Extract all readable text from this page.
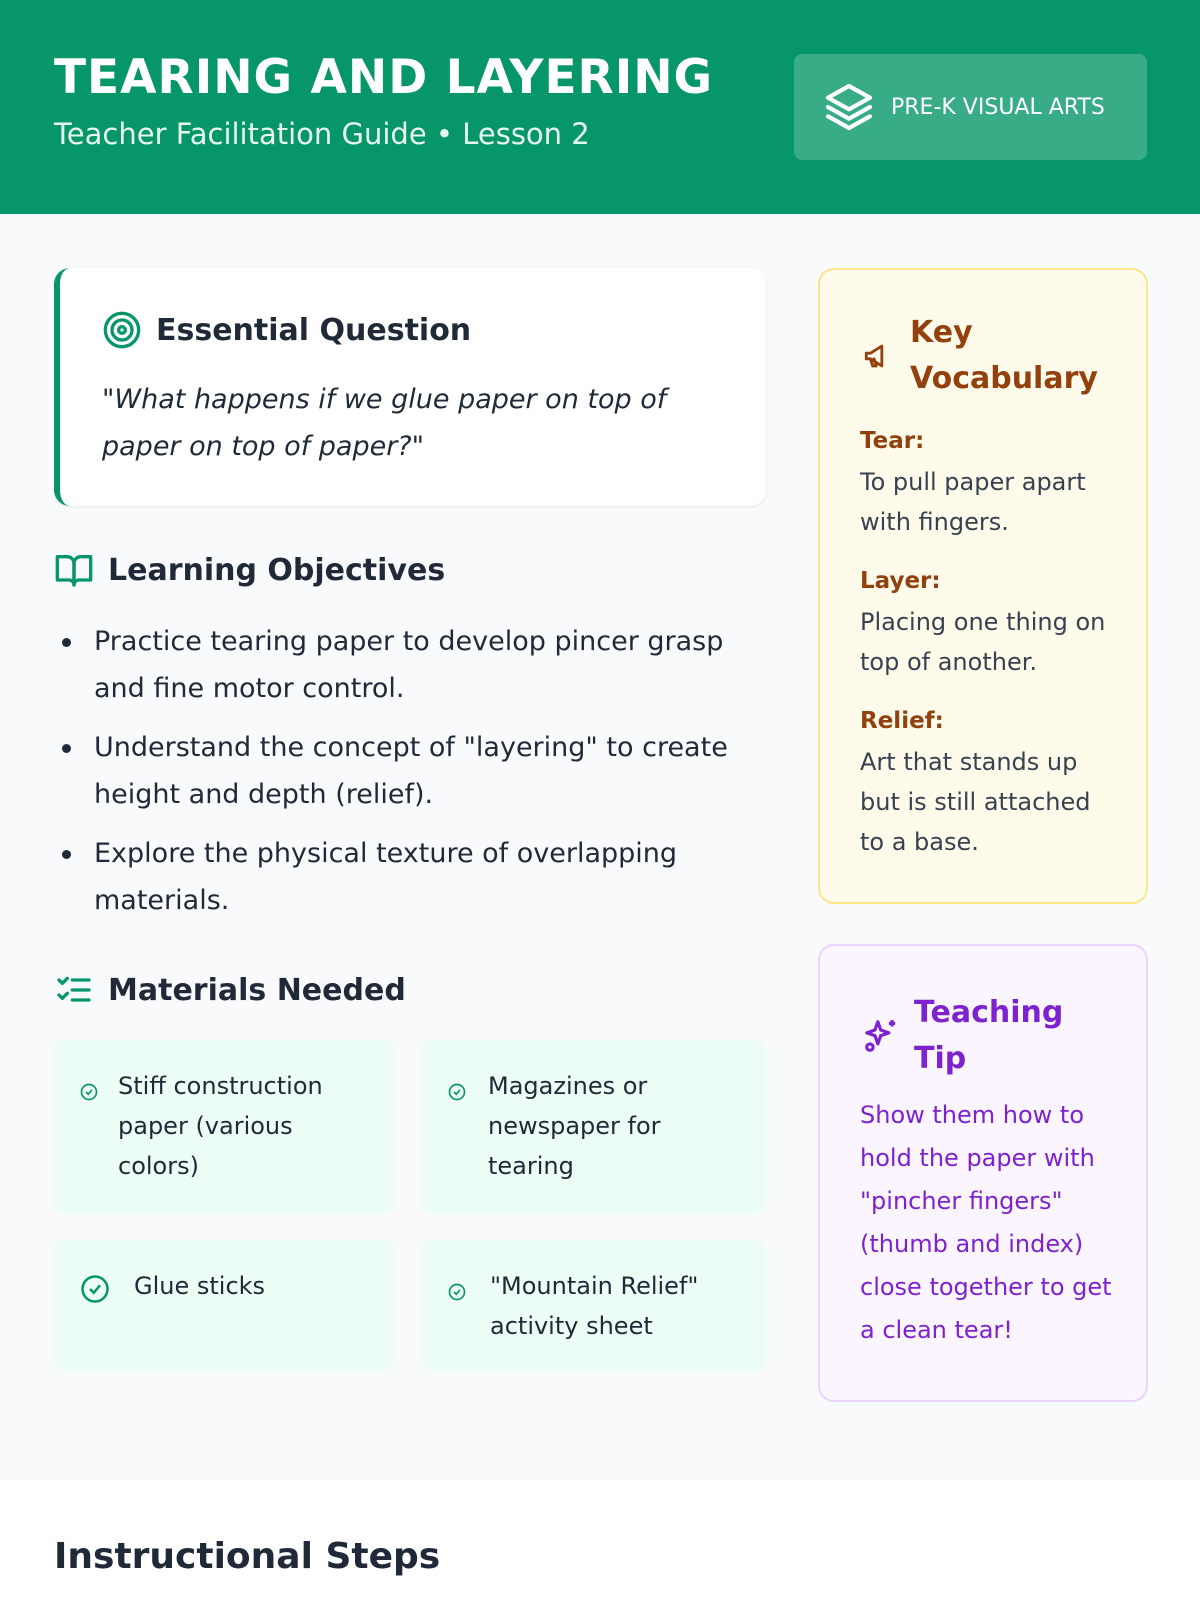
TEARING AND LAYERING
Teacher Facilitation Guide • Lesson 2
PRE-K VISUAL ARTS
Essential Question
"What happens if we glue paper on top of paper on top of paper?"
Learning Objectives
Practice tearing paper to develop pincer grasp and fine motor control.
Understand the concept of "layering" to create height and depth (relief).
Explore the physical texture of overlapping materials.
Materials Needed
Stiff construction paper (various colors)
Magazines or newspaper for tearing
Glue sticks	"Mountain Relief" activity sheet
Key Vocabulary
Tear:
To pull paper apart with fingers.
Layer:
Placing one thing on top of another.
Relief:
Art that stands up but is still attached to a base.
Teaching Tip
Show them how to hold the paper with "pincher fingers" (thumb and index) close together to get a clean tear!
Instructional Steps
